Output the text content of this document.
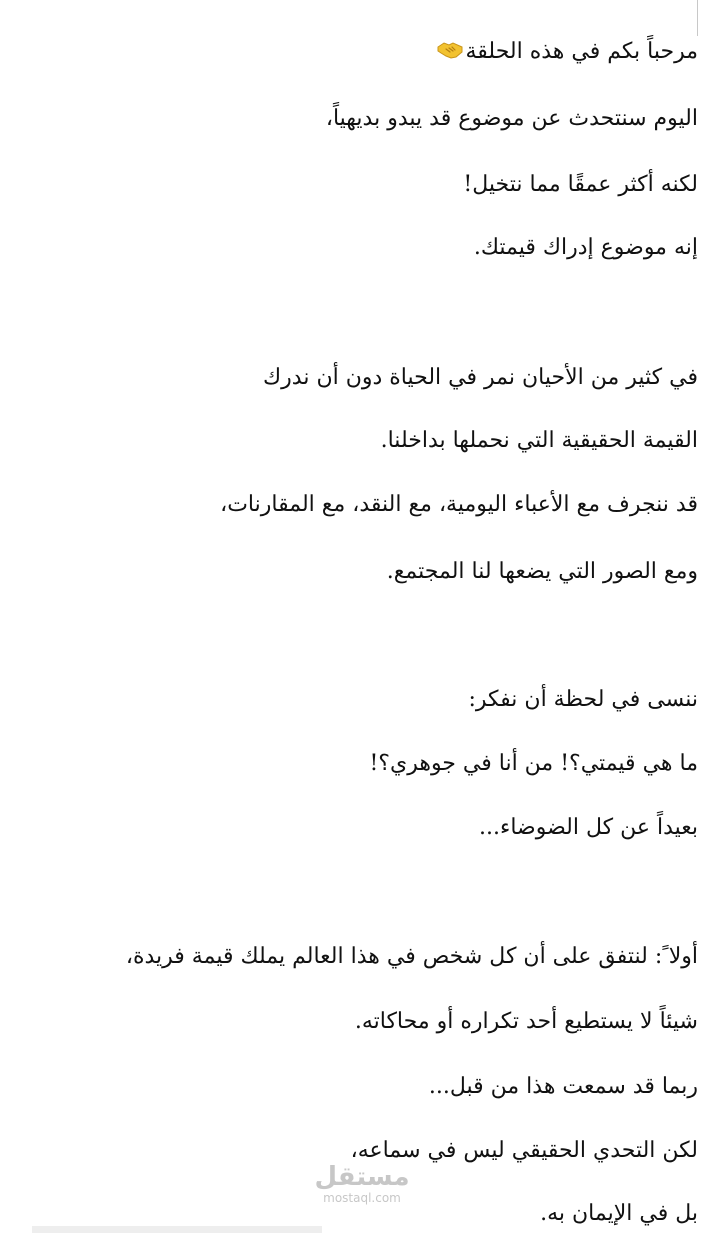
مرحباً بكم في هذه الحلقة
اليوم سنتحدث عن موضوع قد يبدو بديهياً،
لكنه أكثر عمقًا مما نتخيل!
إنه موضوع إدراك قيمتك.
في كثير من الأحيان نمر في الحياة دون أن ندرك
القيمة الحقيقية التي نحملها بداخلنا.
قد ننجرف مع الأعباء اليومية، مع النقد، مع المقارنات،
ومع الصور التي يضعها لنا المجتمع.
ننسى في لحظة أن نفكر:
ما هي قيمتي؟! من أنا في جوهري؟!
بعيداً عن كل الضوضاء...
أولا ً: لنتفق على أن كل شخص في هذا العالم يملك قيمة فريدة،
شيئاً لا يستطيع أحد تكراره أو محاكاته.
ربما قد سمعت هذا من قبل...
لكن التحدي الحقيقي ليس في سماعه،
بل في الإيمان به.
مستقل
mostaql.com
